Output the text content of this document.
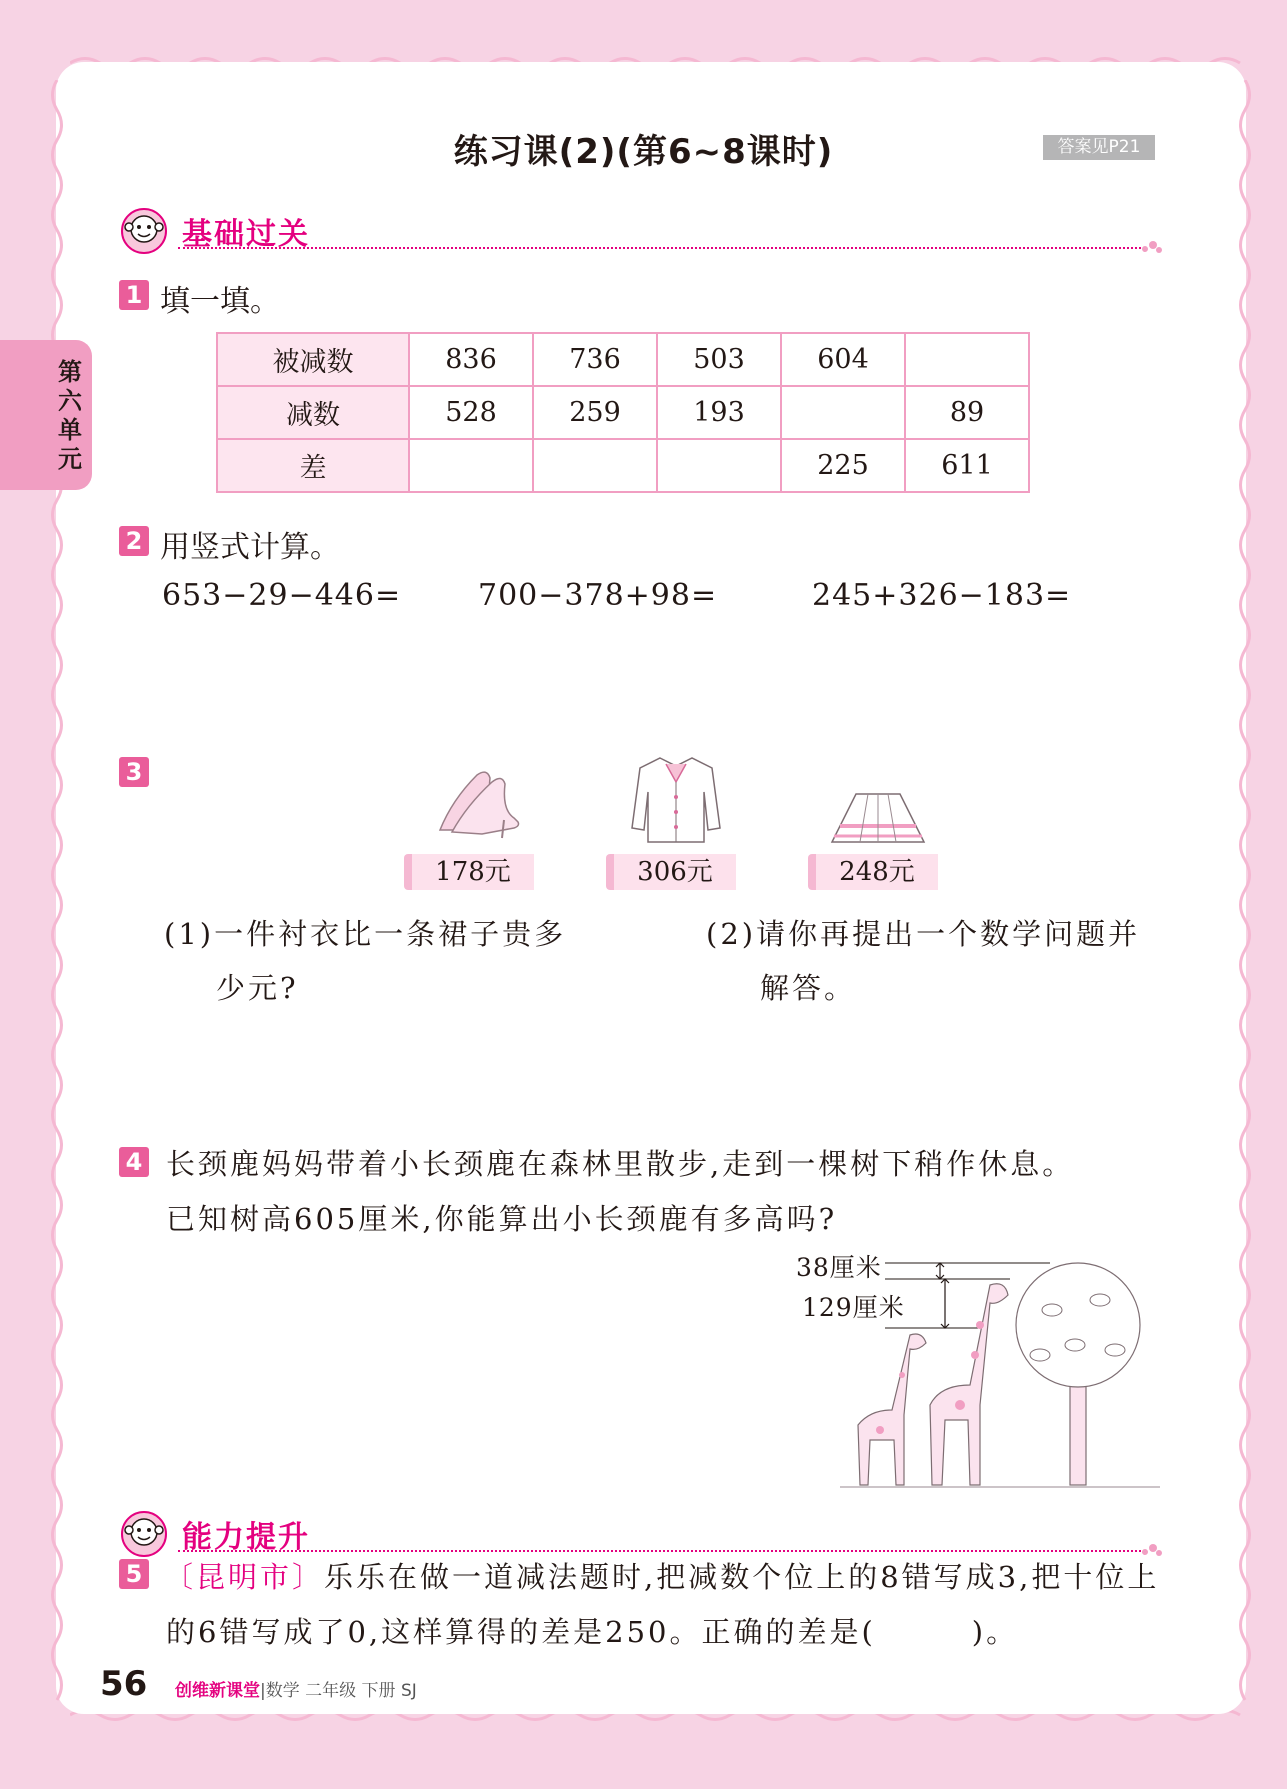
第六单元
练习课(2)(第6~8课时)	答案见P21
基础过关
1 填一填。
被减数	836	736	503	604	
减数	528	259	193		89
差				225	611
2 用竖式计算。
653−29−446=	700−378+98=	245+326−183=
3
178元	306元	248元
(1)一件衬衣比一条裙子贵多
少元?
(2)请你再提出一个数学问题并
解答。
4 长颈鹿妈妈带着小长颈鹿在森林里散步,走到一棵树下稍作休息。
已知树高605厘米,你能算出小长颈鹿有多高吗?
38厘米
129厘米
能力提升
5 〔昆明市〕乐乐在做一道减法题时,把减数个位上的8错写成3,把十位上
的6错写成了0,这样算得的差是250。正确的差是(　　　)。
56 创维新课堂|数学 二年级 下册 SJ
